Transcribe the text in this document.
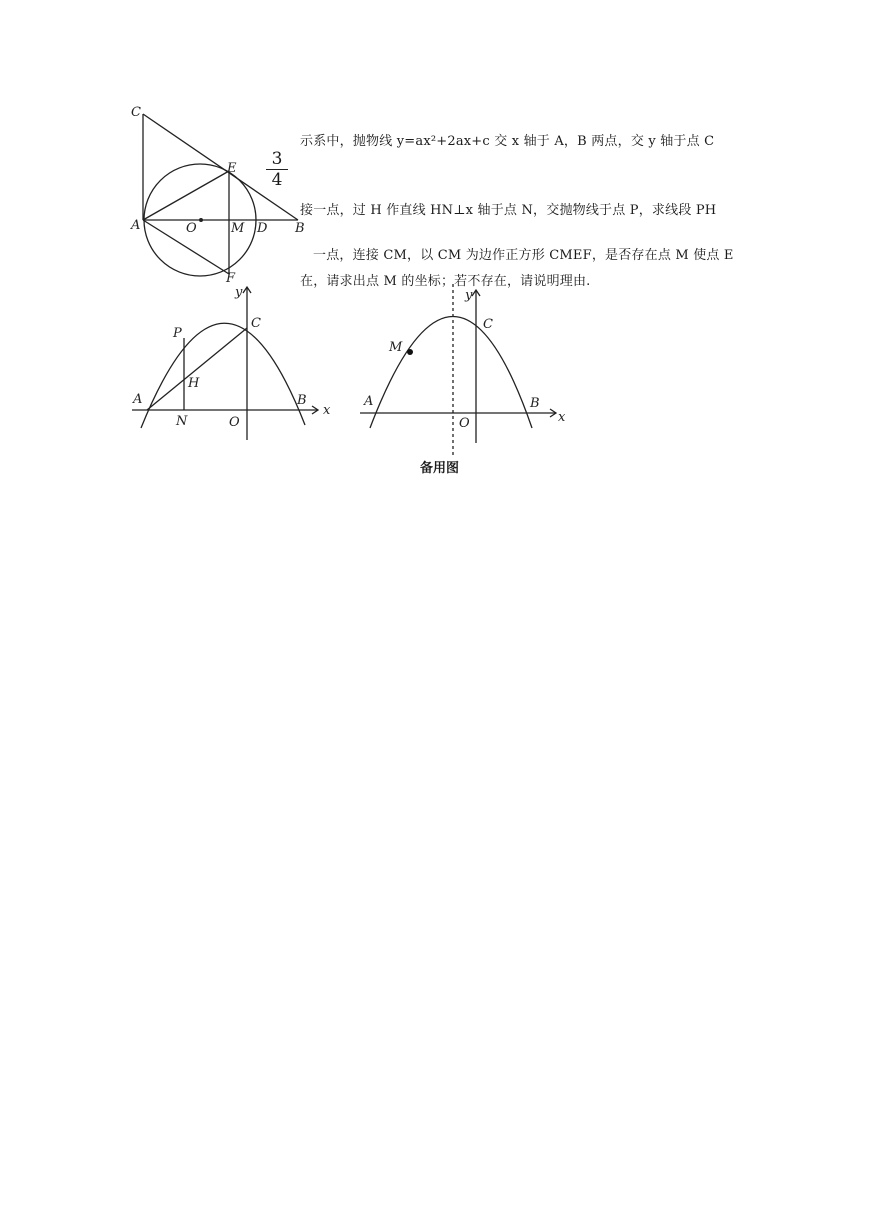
示系中，抛物线 y=ax²+2ax+c 交 x 轴于 A，B 两点，交 y 轴于点 C
接一点，过 H 作直线 HN⊥x 轴于点 N，交抛物线于点 P，求线段 PH
一点，连接 CM，以 CM 为边作正方形 CMEF，是否存在点 M 使点 E
在，请求出点 M 的坐标；若不存在，请说明理由.
3
4
C
E
A	O	M D B
F
y
C
P
H
A
N	O
B
x
y
C
M
A
O
B
x
备用图
